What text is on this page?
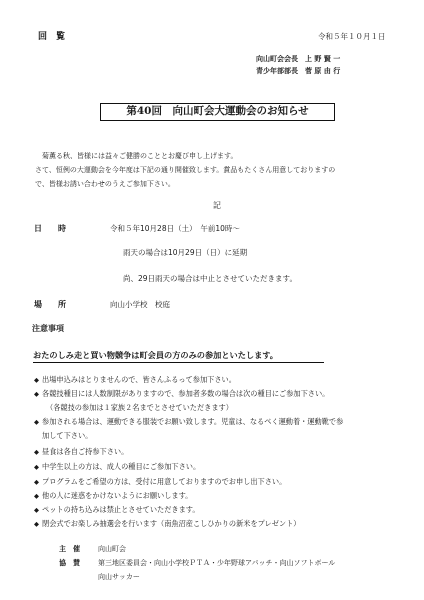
回　覧	令和５年１０月１日
向山町会会長　上 野 賢 一
青少年部部長　菅 原 由 行
第40回　向山町会大運動会のお知らせ
菊薫る秋、皆様には益々ご健勝のこととお慶び申し上げます。
さて、恒例の大運動会を今年度は下記の通り開催致します。賞品もたくさん用意しておりますの
で、皆様お誘い合わせのうえご参加下さい。
記
日　　時	令和５年10月28日（土）　午前10時～
雨天の場合は10月29日（日）に延期
尚、29日雨天の場合は中止とさせていただきます。
場　　所	向山小学校　校庭
注意事項
おたのしみ走と買い物競争は町会員の方のみの参加といたします。
◆ 出場申込みはとりませんので、皆さんふるって参加下さい。
◆ 各競技種目には人数制限がありますので、参加者多数の場合は次の種目にご参加下さい。
（各競技の参加は１家族２名までとさせていただきます）
◆ 参加される場合は、運動できる服装でお願い致します。児童は、なるべく運動着・運動靴で参
加して下さい。
◆ 昼食は各自ご持参下さい。
◆ 中学生以上の方は、成人の種目にご参加下さい。
◆ プログラムをご希望の方は、受付に用意しておりますのでお申し出下さい。
◆ 他の人に迷惑をかけないようにお願いします。
◆ ペットの持ち込みは禁止とさせていただきます。
◆ 閉会式でお楽しみ抽選会を行います（南魚沼産こしひかりの新米をプレゼント）
主　催	向山町会
協　賛	第三地区委員会・向山小学校ＰＴＡ・少年野球アパッチ・向山ソフトボール
向山サッカー
